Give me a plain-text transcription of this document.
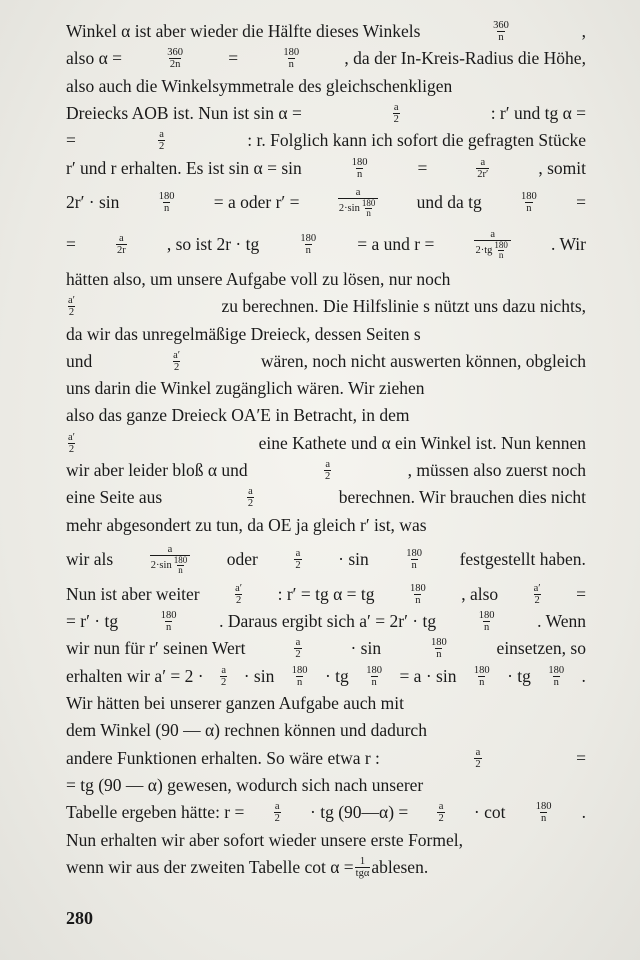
Winkel α ist aber wieder die Hälfte dieses Winkels	360
n	,
also α =	$\frac{360}{2n}$	=	$\frac{180}{n}$	, da der In-Kreis-Radius die Höhe,
also auch die Winkelsymmetrale des gleichschenkligen
Dreiecks AOB ist. Nun ist sin α =	$\frac{a}{2}$	: r′ und tg α =
=	$\frac{a}{2}$	: r. Folglich kann ich sofort die gefragten Stücke
r′ und r erhalten. Es ist sin α = sin	$\frac{180}{n}$	=	$\frac{a}{2r'}$	, somit
2r′ · sin	$\frac{180}{n} = a$ oder r′ =	a
2·sin
180
n und da tg	$\frac{180}{n}$ =
=	$\frac{a}{2r}$ , so ist 2r · tg	$\frac{180}{n} = a$ und r =	a
2·tg
180
n . Wir
hätten also, um unsere Aufgabe voll zu lösen, nur noch
a′
2	zu berechnen. Die Hilfslinie s nützt uns dazu nichts,
da wir das unregelmäßige Dreieck, dessen Seiten s
und	a′
2	wären, noch nicht auswerten können, obgleich
uns darin die Winkel zugänglich wären. Wir ziehen
also das ganze Dreieck OA′E in Betracht, in dem
a′
2	eine Kathete und α ein Winkel ist. Nun kennen
wir aber leider bloß α und	a
2	, müssen also zuerst noch
eine Seite aus	a
2	berechnen. Wir brauchen dies nicht
mehr abgesondert zu tun, da OE ja gleich r′ ist, was
wir als	a
2·sin
180
n
oder	a
2 · sin	180
n festgestellt haben.
Nun ist aber weiter	a′
2 : r′ = tg α = tg	180
n , also	$\frac{a'}{2}$ =
= r′ · tg	180
n	. Daraus ergibt sich a′ = 2r′ · tg	180
n	. Wenn
wir nun für r′ seinen Wert	a
2	· sin	180
n	einsetzen, so
erhalten wir a′ = 2 · a
2 · sin 180
n · tg $\frac{180}{n} = a \cdot \sin 180$
n · tg 180
n .
Wir hätten bei unserer ganzen Aufgabe auch mit
dem Winkel (90 — α) rechnen können und dadurch
andere Funktionen erhalten. So wäre etwa r :	$\frac{a}{2}$	=
= tg (90 — α) gewesen, wodurch sich nach unserer
Tabelle ergeben hätte: r =	$\frac{a}{2}$ · tg (90—α) =	$\frac{a}{2} \cdot \cot$	180
n .
Nun erhalten wir aber sofort wieder unsere erste Formel,
wenn wir aus der zweiten Tabelle cot α = 1
tgα ablesen.
280
